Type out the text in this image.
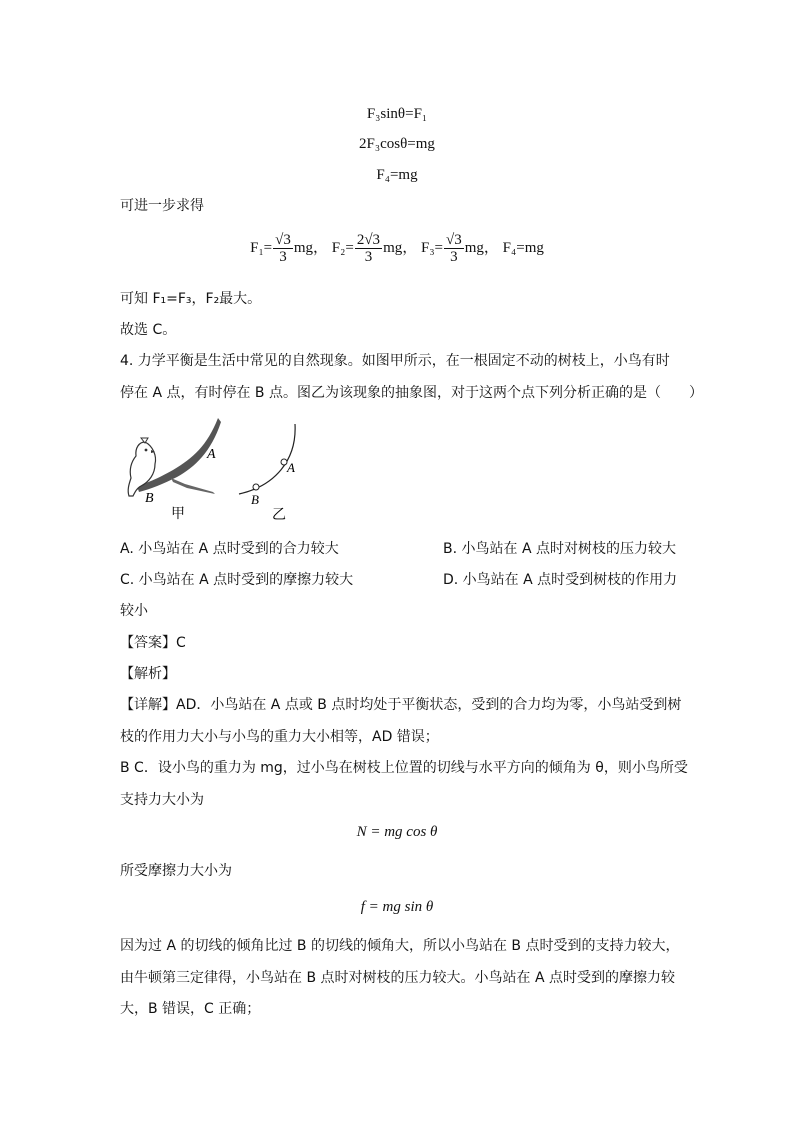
F₃sinθ=F₁
2F₃cosθ=mg
F₄=mg
可进一步求得
$F_1= \frac{√3}{3}$ mg， $F_2= \frac{2√3}{3}$ mg， $F_3= \frac{√3}{3}$ mg， F₄=mg
可知 F₁=F₃，F₂最大。
故选 C。
4. 力学平衡是生活中常见的自然现象。如图甲所示，在一根固定不动的树枝上，小鸟有时
停在 A 点，有时停在 B 点。图乙为该现象的抽象图，对于这两个点下列分析正确的是（　　）
A
B
甲
A
B
乙
A. 小鸟站在 A 点时受到的合力较大	B. 小鸟站在 A 点时对树枝的压力较大
C. 小鸟站在 A 点时受到的摩擦力较大	D. 小鸟站在 A 点时受到树枝的作用力
较小
【答案】C
【解析】
【详解】AD．小鸟站在 A 点或 B 点时均处于平衡状态，受到的合力均为零，小鸟站受到树
枝的作用力大小与小鸟的重力大小相等，AD 错误；
B C．设小鸟的重力为 mg，过小鸟在树枝上位置的切线与水平方向的倾角为 θ，则小鸟所受
支持力大小为
N = mg cos θ
所受摩擦力大小为
f = mg sin θ
因为过 A 的切线的倾角比过 B 的切线的倾角大，所以小鸟站在 B 点时受到的支持力较大，
由牛顿第三定律得，小鸟站在 B 点时对树枝的压力较大。小鸟站在 A 点时受到的摩擦力较
大，B 错误，C 正确；
